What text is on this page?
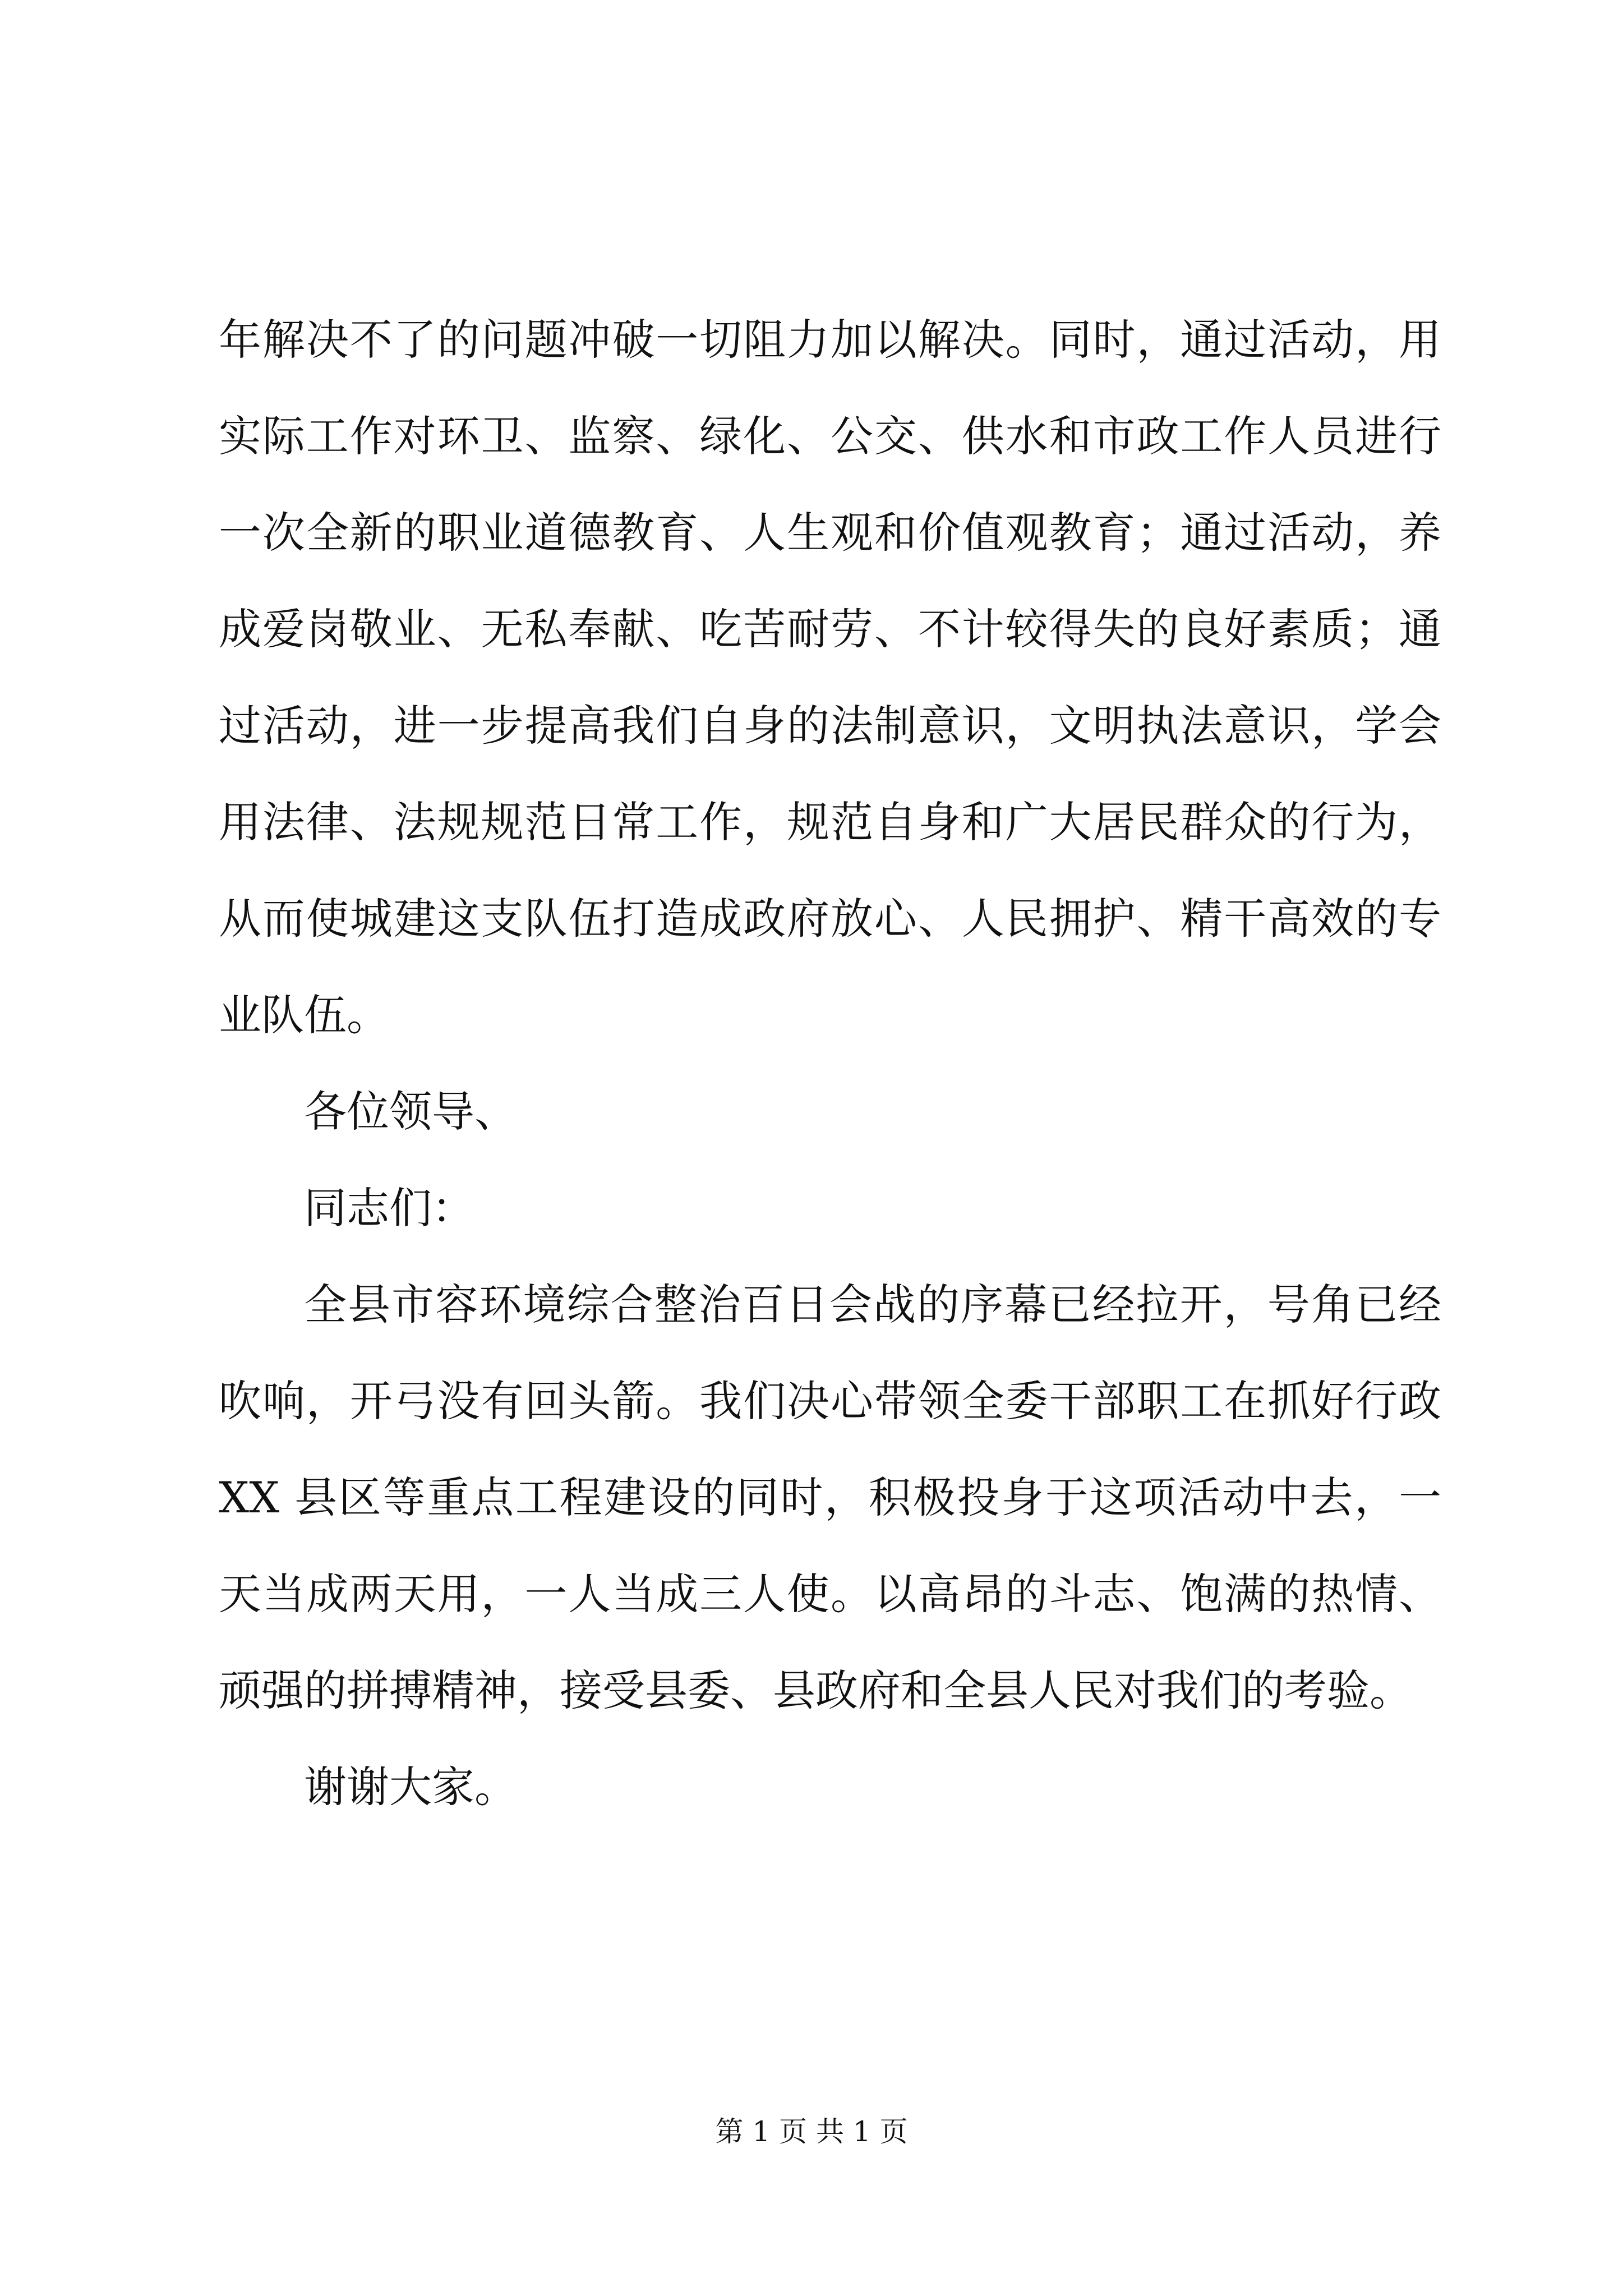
年解决不了的问题冲破一切阻力加以解决。同时，通过活动，用
实际工作对环卫、监察、绿化、公交、供水和市政工作人员进行
一次全新的职业道德教育、人生观和价值观教育；通过活动，养
成爱岗敬业、无私奉献、吃苦耐劳、不计较得失的良好素质；通
过活动，进一步提高我们自身的法制意识，文明执法意识，学会
用法律、法规规范日常工作，规范自身和广大居民群众的行为，
从而使城建这支队伍打造成政府放心、人民拥护、精干高效的专
业队伍。
各位领导、
同志们：
全县市容环境综合整治百日会战的序幕已经拉开，号角已经
吹响，开弓没有回头箭。我们决心带领全委干部职工在抓好行政
XX 县区等重点工程建设的同时，积极投身于这项活动中去，一
天当成两天用，一人当成三人使。以高昂的斗志、饱满的热情、
顽强的拼搏精神，接受县委、县政府和全县人民对我们的考验。
谢谢大家。
第 1 页 共 1 页
